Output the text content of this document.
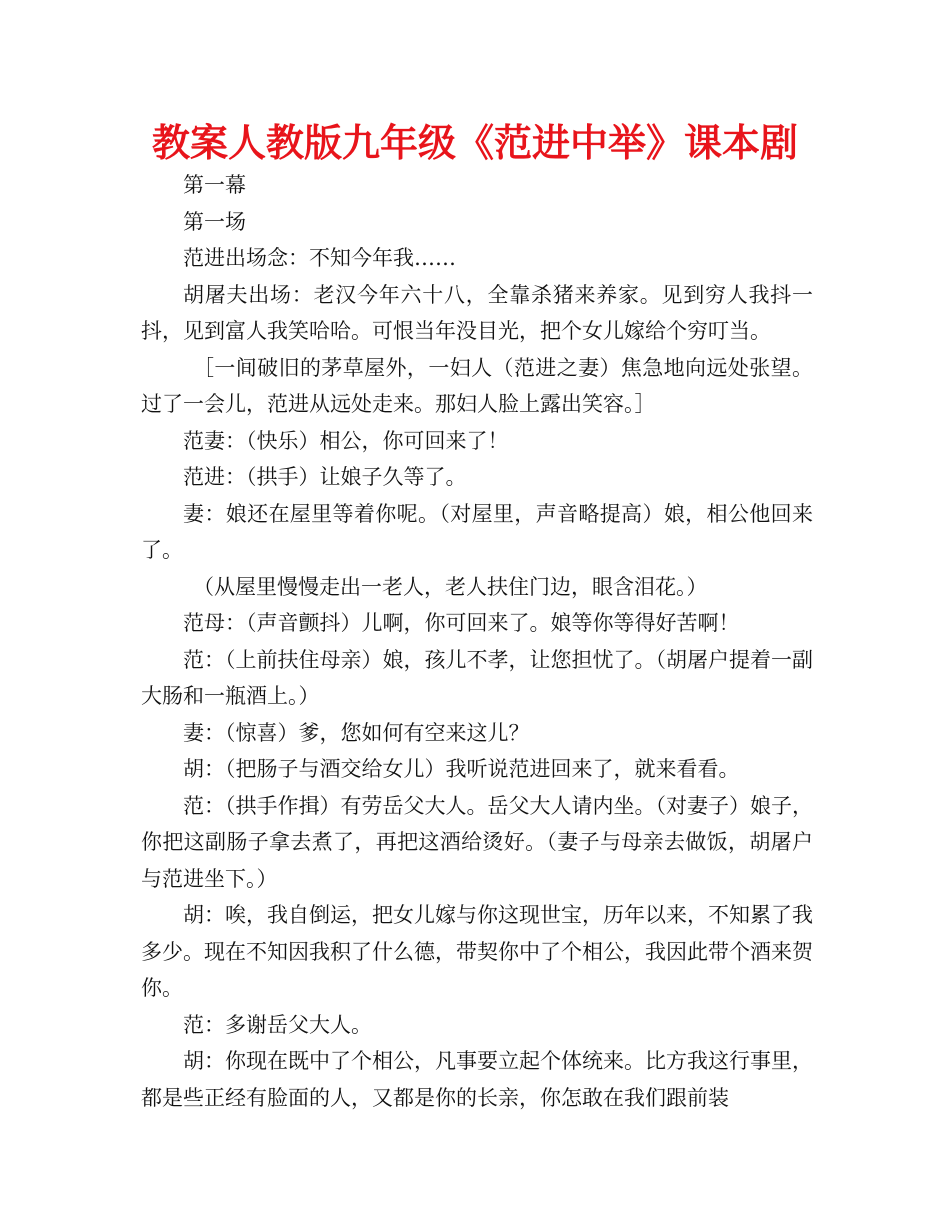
教案人教版九年级《范进中举》课本剧

第一幕

第一场

范进出场念：不知今年我……

胡屠夫出场：老汉今年六十八，全靠杀猪来养家。见到穷人我抖一抖，见到富人我笑哈哈。可恨当年没目光，把个女儿嫁给个穷叮当。

［一间破旧的茅草屋外，一妇人（范进之妻）焦急地向远处张望。过了一会儿，范进从远处走来。那妇人脸上露出笑容。］

范妻：（快乐）相公，你可回来了！

范进：（拱手）让娘子久等了。

妻：娘还在屋里等着你呢。（对屋里，声音略提高）娘，相公他回来了。

（从屋里慢慢走出一老人，老人扶住门边，眼含泪花。）

范母：（声音颤抖）儿啊，你可回来了。娘等你等得好苦啊！

范：（上前扶住母亲）娘，孩儿不孝，让您担忧了。（胡屠户提着一副大肠和一瓶酒上。）

妻：（惊喜）爹，您如何有空来这儿？

胡：（把肠子与酒交给女儿）我听说范进回来了，就来看看。

范：（拱手作揖）有劳岳父大人。岳父大人请内坐。（对妻子）娘子，你把这副肠子拿去煮了，再把这酒给烫好。（妻子与母亲去做饭，胡屠户与范进坐下。）

胡：唉，我自倒运，把女儿嫁与你这现世宝，历年以来，不知累了我多少。现在不知因我积了什么德，带契你中了个相公，我因此带个酒来贺你。

范：多谢岳父大人。

胡：你现在既中了个相公，凡事要立起个体统来。比方我这行事里，都是些正经有脸面的人，又都是你的长亲，你怎敢在我们跟前装
